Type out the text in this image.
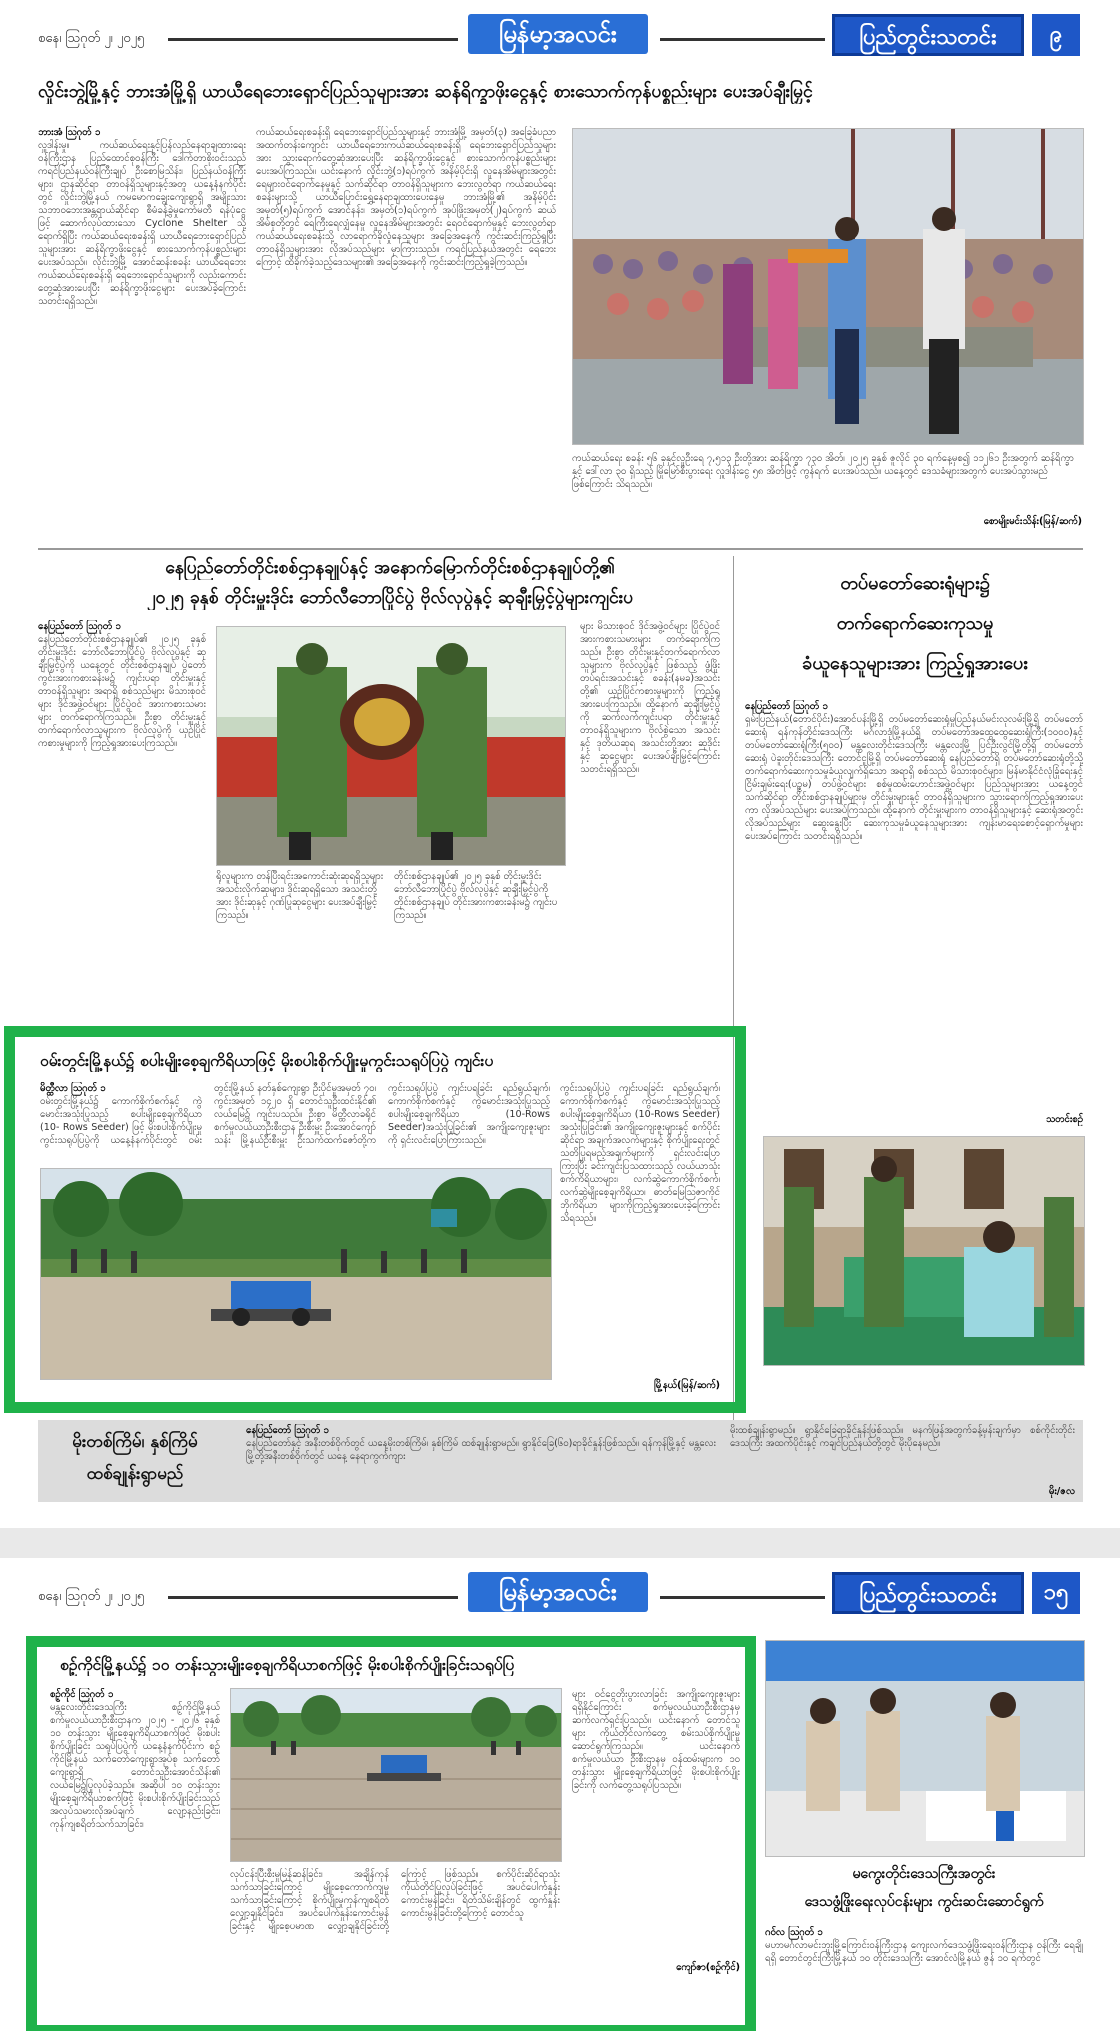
စနေ၊ ဩဂုတ် ၂၊ ၂၀၂၅	မြန်မာ့အလင်း	ပြည်တွင်းသတင်း	၉
လှိုင်းဘွဲ့မြို့နှင့် ဘားအံမြို့ရှိ ယာယီရေဘေးရှောင်ပြည်သူများအား ဆန်ရိက္ခာဖိုးငွေနှင့် စားသောက်ကုန်ပစ္စည်းများ ပေးအပ်ချီးမြှင့်
ဘားအံ ဩဂုတ် ၁
လှူဒါန်းမှု။ ကယ်ဆယ်ရေးနှင့်ပြန်လည်နေရာချထားရေးဝန်ကြီးဌာန ပြည်ထောင်စုဝန်ကြီး ဒေါက်တာစိုးဝင်းသည် ကရင်ပြည်နယ်ဝန်ကြီးချုပ် ဦးစောမြသိန်း၊ ပြည်နယ်ဝန်ကြီးများ၊ ဌာနဆိုင်ရာ တာဝန်ရှိသူများနှင့်အတူ ယနေ့နံနက်ပိုင်းတွင် လှိုင်းဘွဲ့မြို့နယ် ကမမောကချွေးကျေးရွာရှိ အမျိုးသားသဘာဝဘေးအန္တရာယ်ဆိုင်ရာ စီမံခန့်ခွဲမှုကော်မတီ ရန်ပုံငွေဖြင့် ဆောက်လုပ်ထားသော Cyclone Shelter သို့ ရောက်ရှိပြီး ကယ်ဆယ်ရေးစခန်းရှိ ယာယီရေဘေးရှောင်ပြည်သူများအား ဆန်ရိက္ခာဖိုးငွေနှင့် စားသောက်ကုန်ပစ္စည်းများ ပေးအပ်သည်။ လိုင်းဘွဲ့မြို့ အောင်ဆန်းစခန်း ယာယီရေဘေးကယ်ဆယ်ရေးစခန်းရှိ ရေဘေးရှောင်သူများကို လည်းကောင်း တွေ့ဆုံအားပေးပြီး ဆန်ရိက္ခာဖိုးငွေများ ပေးအပ်ခဲ့ကြောင်း သတင်းရရှိသည်။
ကယ်ဆယ်ရေးစခန်းရှိ ရေဘေးရှောင်ပြည်သူများနှင့် ဘားအံမြို့ အမှတ်(၃) အခြေခံပညာအထက်တန်းကျောင်း ယာယီရေဘေးကယ်ဆယ်ရေးစခန်းရှိ ရေဘေးရှောင်ပြည်သူများအား သွားရောက်တွေ့ဆုံအားပေးပြီး ဆန်ရိက္ခာဖိုးငွေနှင့် စားသောက်ကုန်ပစ္စည်းများ ပေးအပ်ကြသည်။ ယင်းနောက် လှိုင်းဘွဲ့(၁)ရပ်ကွက် အနိမ့်ပိုင်းရှိ လူနေအိမ်များအတွင်း ရေများဝင်ရောက်နေမှုနှင့် သက်ဆိုင်ရာ တာဝန်ရှိသူများက ဘေးလွတ်ရာ ကယ်ဆယ်ရေးစခန်းများသို့ ယာယီပြောင်းရွှေ့နေရာချထားပေးနေမှု ဘားအံမြို့၏ အနိမ့်ပိုင်းအမှတ်(၅)ရပ်ကွက် အောင်နန်း၊ အမှတ်(၁)ရပ်ကွက် အုပ်ဖြိုးအမှတ်(၂)ရပ်ကွက် ဆယ်အိမ်စုတို့တွင် ရေကြီးရေလျှံနေမှု လူနေအိမ်များအတွင်း ရေဝင်ရောက်မှုနှင့် ဘေးလွတ်ရာ ကယ်ဆယ်ရေးစခန်းသို့ လာရောက်ခိုလှုံနေသူများ အခြေအနေကို ကွင်းဆင်းကြည့်ရှုပြီး တာဝန်ရှိသူများအား လိုအပ်သည်များ မှာကြားသည်။ ကရင်ပြည်နယ်အတွင်း ရေဘေးကြောင့် ထိခိုက်ခဲ့သည့်ဒေသများ၏ အခြေအနေကို ကွင်းဆင်းကြည့်ရှုခဲ့ကြသည်။
ကယ်ဆယ်ရေး စခန်း ၅၆ ခုနှင့်လူဦးရေ ၇,၅၁၃ ဦးတို့အား ဆန်ရိက္ခာ ၇၃၀ အိတ်၊ ၂၀၂၅ ခုနှစ် ဇူလိုင် ၃၀ ရက်နေ့မှစ၍ ၁၁၂၆၁ ဦးအတွက် ဆန်ရိက္ခာနှင့် ဒေါ်လာ ၃၀ ရှိသည့် မြိုမြော်စီးပွားရေး လှူဒါန်းငွေ ၅၈ အိတ်ဖြင့် ကွန်ရက် ပေးအပ်သည်။ ယနေ့တွင် ဒေသခံများအတွက် ပေးအပ်သွားမည်ဖြစ်ကြောင်း သိရသည်။
စောမျိုးမင်းသိန်း(မြန်/ဆက်)
နေပြည်တော်တိုင်းစစ်ဌာနချုပ်နှင့် အနောက်မြောက်တိုင်းစစ်ဌာနချုပ်တို့၏
၂၀၂၅ ခုနှစ် တိုင်းမှူးဒိုင်း ဘော်လီဘောပြိုင်ပွဲ ဗိုလ်လုပွဲနှင့် ဆုချီးမြှင့်ပွဲများကျင်းပ
နေပြည်တော် ဩဂုတ် ၁
နေပြည်တော်တိုင်းစစ်ဌာနချုပ်၏ ၂၀၂၅ ခုနှစ် တိုင်းမှူးဒိုင်း ဘော်လီဘောပြိုင်ပွဲ ဗိုလ်လုပွဲနှင့် ဆုချီးမြှင့်ပွဲကို ယနေ့တွင် တိုင်းစစ်ဌာနချုပ် ပွဲတော်ကွင်းအားကစားခန်းမ၌ ကျင်းပရာ တိုင်းမှူးနှင့် တာဝန်ရှိသူများ အရာရှိ စစ်သည်များ မိသားစုဝင်များ ဒိုင်အဖွဲ့ဝင်များ ပြိုင်ပွဲဝင် အားကစားသမားများ တက်ရောက်ကြသည်။ ဦးစွာ တိုင်းမှူးနှင့် တက်ရောက်လာသူများက ဗိုလ်လုပွဲကို ယှဉ်ပြိုင်ကစားမှုများကို ကြည့်ရှုအားပေးကြသည်။
များ မိသားစုဝင် ဒိုင်အဖွဲ့ဝင်များ ပြိုင်ပွဲဝင်အားကစားသမားများ တက်ရောက်ကြသည်။ ဦးစွာ တိုင်းမှူးနှင့်တက်ရောက်လာသူများက ဗိုလ်လုပွဲနှင့် ဖြစ်သည့် ဖွံ့ဖြိုးတပ်ရင်းအသင်းနှင့် စခန်း(နမခ)အသင်းတို့၏ ယှဉ်ပြိုင်ကစားမှုများကို ကြည့်ရှုအားပေးကြသည်။ ထို့နောက် ဆုချီးမြှင့်ပွဲကို ဆက်လက်ကျင်းပရာ တိုင်းမှူးနှင့် တာဝန်ရှိသူများက ဗိုလ်စွဲသော အသင်းနှင့် ဒုတိယဆုရ အသင်းတို့အား ဆုဒိုင်းနှင့် ဆုငွေများ ပေးအပ်ချီးမြှင့်ကြောင်း သတင်းရရှိသည်။
ရိုလူများက တန်ပြီးရင်းအကောင်းဆုံးဆုရရှိသူများ အသင်းလိုက်ဆုများ၊ ဒိုင်းဆုရရှိသော အသင်းတို့အား ဒိုင်းဆုနှင့် ဂုဏ်ပြုဆုငွေများ ပေးအပ်ချီးမြှင့်ကြသည်။
တိုင်းစစ်ဌာနချုပ်၏ ၂၀၂၅ ခုနှစ် တိုင်းမှူးဒိုင်း ဘော်လီဘောပြိုင်ပွဲ ဗိုလ်လုပွဲနှင့် ဆုချီးမြှင့်ပွဲကို တိုင်းစစ်ဌာနချုပ် တိုင်းအားကစားခန်းမ၌ ကျင်းပကြသည်။
တပ်မတော်ဆေးရုံများ၌
တက်ရောက်ဆေးကုသမှု
ခံယူနေသူများအား ကြည့်ရှုအားပေး
နေပြည်တော် ဩဂုတ် ၁
ရှမ်းပြည်နယ်(တောင်ပိုင်း)အောင်ပန်းမြို့ရှိ တပ်မတော်ဆေးရုံမှုပြည်နယ်မင်းလုလမ်းမြို့ရှိ တပ်မတော်ဆေးရုံ ရန်ကုန်တိုင်းဒေသကြီး မင်္ဂလာဒုံမြို့နယ်ရှိ တပ်မတော်အထွေထွေဆေးရုံကြီး(၁၀၀၀)နှင့် တပ်မတော်ဆေးရုံကြီး(၅၀၀) မန္တလေးတိုင်းဒေသကြီး မန္တလေးမြို့ ပြင်ဦးလွင်မြို့တို့ရှိ တပ်မတော်ဆေးရုံ ပဲခူးတိုင်းဒေသကြီး တောင်ငူမြို့ရှိ တပ်မတော်ဆေးရုံ နေပြည်တော်ရှိ တပ်မတော်ဆေးရုံတို့သို့ တက်ရောက်ဆေးကုသမှုခံယူလျက်ရှိသော အရာရှိ စစ်သည် မိသားစုဝင်များ၊ မြန်မာနိုင်ငံလုံခြုံရေးနှင့် ငြိမ်းချမ်းရေး(ပဥ္စမ) တပ်ဖွဲ့ဝင်များ စစ်မှုထမ်းဟောင်းအဖွဲ့ဝင်များ ပြည်သူများအား ယနေ့တွင် သက်ဆိုင်ရာ တိုင်းစစ်ဌာနချုပ်များမှ တိုင်းမှူးများနှင့် တာဝန်ရှိသူများက သွားရောက်ကြည့်ရှုအားပေးကာ လိုအပ်သည်များ ပေးအပ်ကြသည်။ ထို့နောက် တိုင်းမှူးများက တာဝန်ရှိသူများနှင့် ဆေးရုံအတွင်း လိုအပ်သည်များ ဆွေးနွေးပြီး ဆေးကုသမှုခံယူနေသူများအား ကျန်းမာရေးစောင့်ရှောက်မှုများ ပေးအပ်ကြောင်း သတင်းရရှိသည်။
သတင်းစဉ်
ဝမ်းတွင်းမြို့နယ်၌ စပါးမျိုးစေ့ချကိရိယာဖြင့် မိုးစပါးစိုက်ပျိုးမှုကွင်းသရုပ်ပြပွဲ ကျင်းပ
မိတ္ထီလာ ဩဂုတ် ၁
ဝမ်းတွင်းမြို့နယ်၌ ကောက်စိုက်စက်နှင့် ကွဲမောင်းအသုံးပြုသည့် စပါးမျိုးစေ့ချကိရိယာ (10- Rows Seeder) ဖြင့် မိုးစပါးစိုက်ပျိုးမှု ကွင်းသရုပ်ပြပွဲကို ယနေ့နံနက်ပိုင်းတွင် ဝမ်းတွင်းမြို့နယ် နတ်နှစ်ကျေးရွာ ဦးပိုင်မှုအမှတ် ၇၀၊ ကွင်းအမှတ် ၁၄၂၀ ရှိ တောင်သူဦးထင်းနိုင်၏ လယ်မြေ၌ ကျင်းပသည်။ ဦးစွာ မိတ္ထီလာခရိုင် စက်မှုလယ်ယာဦးစီးဌာန ဦးစီးမှူး ဦးအောင်ကျော်သန်း မြို့နယ်ဦးစီးမှူး ဦးသက်ထက်ဇော်တို့က ကွင်းသရုပ်ပြပွဲ ကျင်းပရခြင်း ရည်ရွယ်ချက်၊ ကောက်စိုက်စက်နှင့် ကွဲမောင်းအသုံးပြုသည့် စပါးမျိုးစေ့ချကိရိယာ (10-Rows Seeder)အသုံးပြုခြင်း၏ အကျိုးကျေးဇူးများကို ရှင်းလင်းပြောကြားသည်။
ကွင်းသရုပ်ပြပွဲ ကျင်းပရခြင်း ရည်ရွယ်ချက်၊ ကောက်စိုက်စက်နှင့် ကွဲမောင်းအသုံးပြုသည့် စပါးမျိုးစေ့ချကိရိယာ (10-Rows Seeder) အသုံးပြုခြင်း၏ အကျိုးကျေးဇူးများနှင့် စက်ပိုင်းဆိုင်ရာ အချက်အလက်များနှင့် စိုက်ပျိုးရေးတွင် သတိပြုရမည့်အချက်များကို ရှင်းလင်းပြောကြားပြီး ခင်းကျင်းပြသထားသည့် လယ်ယာသုံးစက်ကိရိယာများ၊ လက်ဆွဲကောက်စိုက်စက်၊ လက်ဆွဲမျိုးစေ့ချကိရိယာ၊ ဓာတ်မြေဩဇာကိုင်ဘိုကိရိယာ များကိုကြည့်ရှုအားပေးခဲ့ကြောင်း သိရသည်။
မြို့နယ်(မြန်/ဆက်)
မိုးတစ်ကြိမ်၊ နှစ်ကြိမ်
ထစ်ချုန်းရွာမည်
နေပြည်တော် ဩဂုတ် ၁
နေပြည်တော်နှင့် အနီးတစ်ဝိုက်တွင် ယနေ့မိုးတစ်ကြိမ်၊ နှစ်ကြိမ် ထစ်ချုန်းရွာမည်။ ရွာနိုင်ခြေ(၆၀)ရာခိုင်နှုန်းဖြစ်သည်။ ရန်ကုန်မြို့နှင့် မန္တလေးမြို့တို့အနီးတစ်ဝိုက်တွင် ယနေ့ နေရာကွက်ကျား
မိုးထစ်ချုန်းရွာမည်။ ရွာနိုင်ခြေရာခိုင်နှုန်းဖြစ်သည်။ မနက်ဖြန်အတွက်ခန့်မှန်းချက်မှာ စစ်ကိုင်းတိုင်းဒေသကြီး အထက်ပိုင်းနှင့် ကချင်ပြည်နယ်တို့တွင် မိုးပိုနေမည်။
မိုး/ဇလ
စနေ၊ ဩဂုတ် ၂၊ ၂၀၂၅	မြန်မာ့အလင်း	ပြည်တွင်းသတင်း	၁၅
စဉ့်ကိုင်မြို့နယ်၌ ၁၀ တန်းသွားမျိုးစေ့ချကိရိယာစက်ဖြင့် မိုးစပါးစိုက်ပျိုးခြင်းသရုပ်ပြ
စဉ့်ကိုင် ဩဂုတ် ၁
မန္တလေးတိုင်းဒေသကြီး စဉ့်ကိုင်မြို့နယ် စက်မှုလယ်ယာဦးစီးဌာနက ၂၀၂၅ - ၂၀၂၆ ခုနှစ် ၁၀ တန်းသွား မျိုးစေ့ချကိရိယာစက်ဖြင့် မိုးစပါးစိုက်ပျိုးခြင်း သရုပ်ပြပွဲကို ယနေ့နံနက်ပိုင်းက စဉ့်ကိုင်မြို့နယ် သက်တော်ကျေးရွာအုပ်စု သက်တော်ကျေးရွာရှိ တောင်သူဦးအောင်သိန်း၏ လယ်မြေ၌ပြုလုပ်ခဲ့သည်။ အဆိုပါ ၁၀ တန်းသွား မျိုးစေ့ချကိရိယာစက်ဖြင့် မိုးစပါးစိုက်ပျိုးခြင်းသည် အလုပ်သမားလိုအပ်ချက် လျော့နည်းခြင်း၊ ကုန်ကျစရိတ်သက်သာခြင်း၊
လုပ်ငန်းပြီးစီးမှုမြန်ဆန်ခြင်း၊ အချိန်ကုန်သက်သာခြင်းကြောင့် မျိုးစေ့ကောက်ကျမှု သက်သာခြင်းကြောင့် စိုက်ပျိုးမှုကုန်ကျစရိတ် လျှော့ချနိုင်ခြင်း၊ အပင်ပေါက်နှုန်းကောင်းမွန်ခြင်းနှင့် မျိုးစေ့ပမာဏ လျှော့ချနိုင်ခြင်းတို့ကြောင့် ဖြစ်သည်။ စက်ပိုင်းဆိုင်ရာသုံး ကိုယ်တိုင်ပြုလုပ်ခြင်းဖြင့် အပင်ပေါက်နှုန်း ကောင်းမွန်ခြင်း၊ ရိတ်သိမ်းချိန်တွင် ထွက်နှုန်းကောင်းမွန်ခြင်းတို့ကြောင့် တောင်သူ
များ ဝင်ငွေတိုးပွားလာခြင်း အကျိုးကျေးဇူးများ ရရှိနိုင်ကြောင်း စက်မှုလယ်ယာဦးစီးဌာနမှ ဆက်လက်ရှင်းပြသည်။ ယင်းနောက် တောင်သူ များ ကိုယ်တိုင်လက်တွေ့ စမ်းသပ်စိုက်ပျိုးမှု ဆောင်ရွက်ကြသည်။ ယင်းနောက် စက်မှုလယ်ယာ ဦးစီးဌာနမှ ဝန်ထမ်းများက ၁၀ တန်းသွား မျိုးစေ့ချကိရိယာဖြင့် မိုးစပါးစိုက်ပျိုးခြင်းကို လက်တွေ့သရုပ်ပြသည်။
ကျော်ဇာ(စဉ့်ကိုင်)
မကွေးတိုင်းဒေသကြီးအတွင်း
ဒေသဖွံ့ဖြိုးရေးလုပ်ငန်းများ ကွင်းဆင်းဆောင်ရွက်
ဂဝ်လ ဩဂုတ် ၁
မဟာမင်္ဂလာမင်းဘူးမြို့ကြောင်းဝန်ကြီးဌာန ကျေးလက်ဒေသဖွံ့ဖြိုးရေးဝန်ကြီးဌာန ဝန်ကြီး ရေချိုရရှိ တောင်တွင်းကြီးမြို့နယ် ၁၀ တိုင်းဒေသကြီး အောင်လံမြို့နယ် ဇွန် ၁၀ ရက်တွင်
